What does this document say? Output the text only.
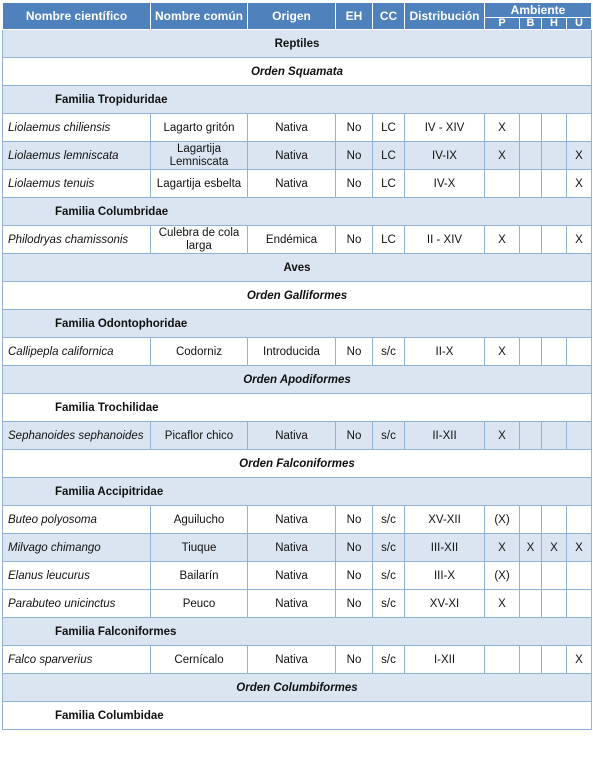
Nombre científico	Nombre común	Origen	EH	CC	Distribución	Ambiente			
						P	B	H	U
Reptiles									
Orden Squamata									
Familia Tropiduridae									
Liolaemus chiliensis	Lagarto gritón	Nativa	No	LC	IV - XIV	X			
Liolaemus lemniscata	Lagartija Lemniscata	Nativa	No	LC	IV-IX	X			X
Liolaemus tenuis	Lagartija esbelta	Nativa	No	LC	IV-X				X
Familia Columbridae									
Philodryas chamissonis	Culebra de cola larga	Endémica	No	LC	II - XIV	X			X
Aves									
Orden Galliformes									
Familia Odontophoridae									
Callipepla californica	Codorniz	Introducida	No	s/c	II-X	X			
Orden Apodiformes									
Familia Trochilidae									
Sephanoides sephanoides	Picaflor chico	Nativa	No	s/c	II-XII	X			
Orden Falconiformes									
Familia Accipitridae									
Buteo polyosoma	Aguilucho	Nativa	No	s/c	XV-XII	(X)			
Milvago chimango	Tiuque	Nativa	No	s/c	III-XII	X	X	X	X
Elanus leucurus	Bailarín	Nativa	No	s/c	III-X	(X)			
Parabuteo unicinctus	Peuco	Nativa	No	s/c	XV-XI	X			
Familia Falconiformes									
Falco sparverius	Cernícalo	Nativa	No	s/c	I-XII				X
Orden Columbiformes									
Familia Columbidae									
